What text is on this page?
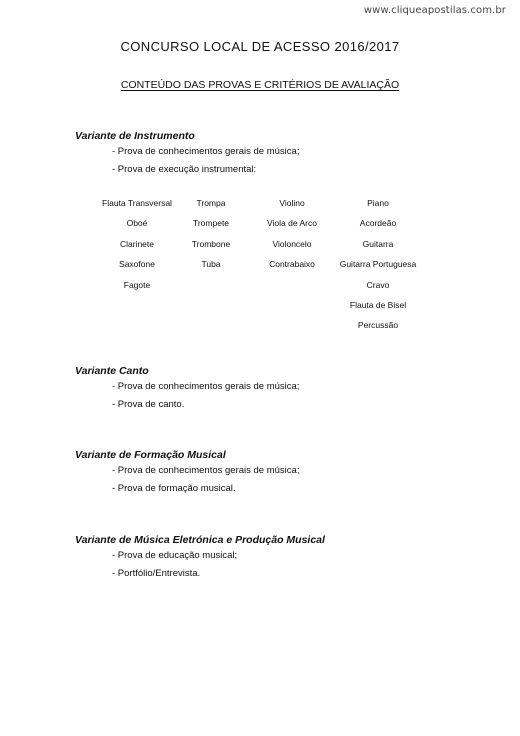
www.cliqueapostilas.com.br
CONCURSO LOCAL DE ACESSO 2016/2017
CONTEÚDO DAS PROVAS E CRITÉRIOS DE AVALIAÇÃO

Variante de Instrumento

- Prova de conhecimentos gerais de música;
- Prova de execução instrumental:
Flauta Transversal
Oboé
Clarinete
Saxofone
Fagote
Trompa
Trompete
Trombone
Tuba
Violino
Viola de Arco
Violoncelo
Contrabaixo
Piano
Acordeão
Guitarra
Guitarra Portuguesa
Cravo
Flauta de Bisel
Percussão

Variante Canto

- Prova de conhecimentos gerais de música;
- Prova de canto.

Variante de Formação Musical

- Prova de conhecimentos gerais de música;
- Prova de formação musical.

Variante de Música Eletrónica e Produção Musical

- Prova de educação musical;
- Portfólio/Entrevista.
